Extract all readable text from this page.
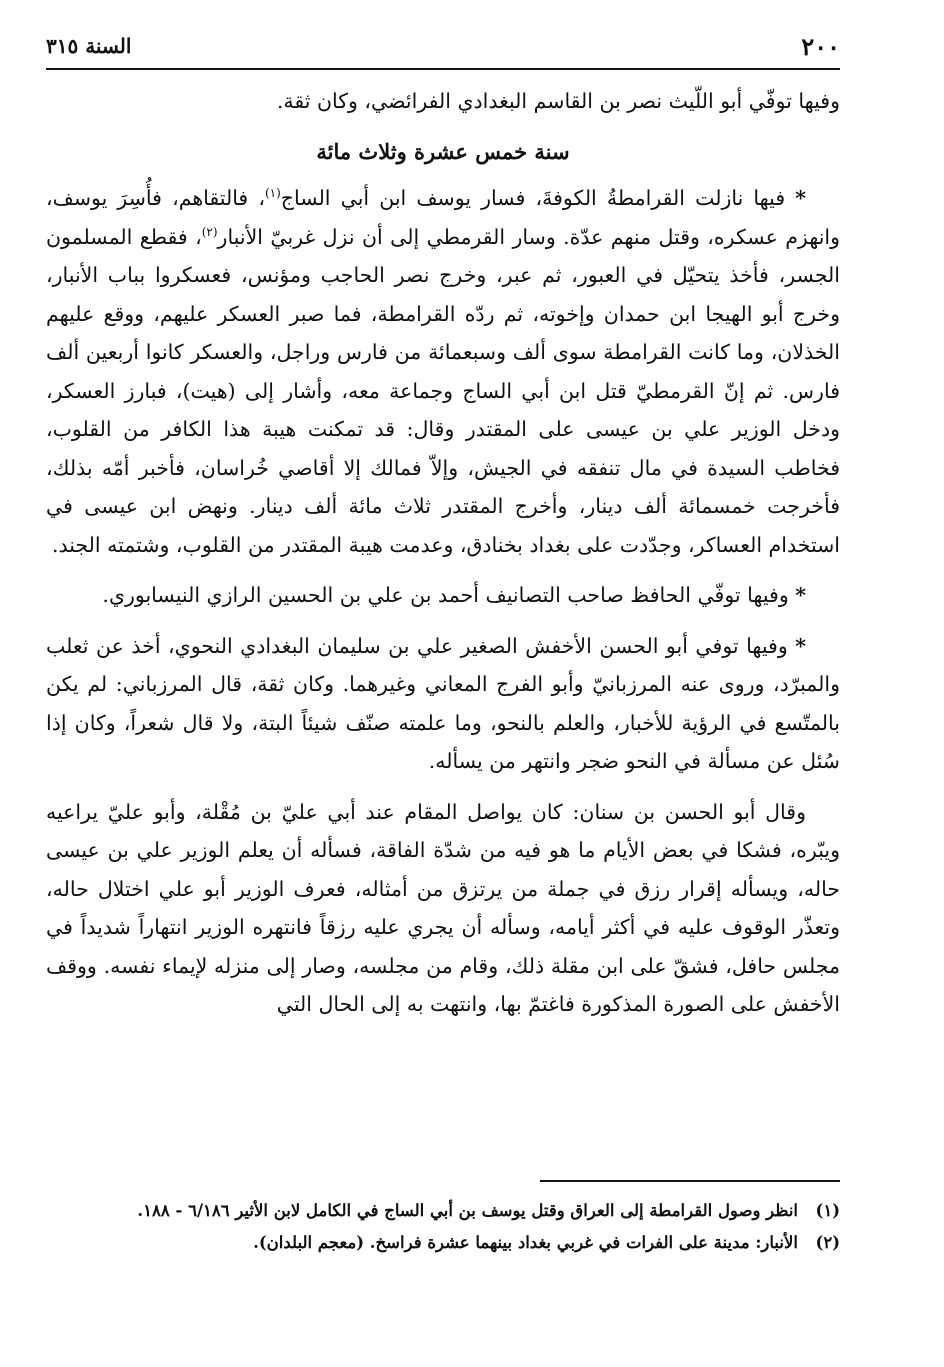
٢٠٠
السنة ٣١٥

وفيها توفّي أبو اللّيث نصر بن القاسم البغدادي الفرائضي، وكان ثقة.

سنة خمس عشرة وثلاث مائة

* فيها نازلت القرامطةُ الكوفةَ، فسار يوسف ابن أبي الساج$^{(١)}$، فالتقاهم، فأُسِرَ يوسف، وانهزم عسكره، وقتل منهم عدّة. وسار القرمطي إلى أن نزل غربيّ الأنبار$^{(٢)}$، فقطع المسلمون الجسر، فأخذ يتحيّل في العبور، ثم عبر، وخرج نصر الحاجب ومؤنس، فعسكروا بباب الأنبار، وخرج أبو الهيجا ابن حمدان وإخوته، ثم ردّه القرامطة، فما صبر العسكر عليهم، ووقع عليهم الخذلان، وما كانت القرامطة سوى ألف وسبعمائة من فارس وراجل، والعسكر كانوا أربعين ألف فارس. ثم إنّ القرمطيّ قتل ابن أبي الساج وجماعة معه، وأشار إلى (هيت)، فبارز العسكر، ودخل الوزير علي بن عيسى على المقتدر وقال: قد تمكنت هيبة هذا الكافر من القلوب، فخاطب السيدة في مال تنفقه في الجيش، وإلاّ فمالك إلا أقاصي خُراسان، فأخبر أمّه بذلك، فأخرجت خمسمائة ألف دينار، وأخرج المقتدر ثلاث مائة ألف دينار. ونهض ابن عيسى في استخدام العساكر، وجدّدت على بغداد بخنادق، وعدمت هيبة المقتدر من القلوب، وشتمته الجند.

* وفيها توفّي الحافظ صاحب التصانيف أحمد بن علي بن الحسين الرازي النيسابوري.

* وفيها توفي أبو الحسن الأخفش الصغير علي بن سليمان البغدادي النحوي، أخذ عن ثعلب والمبرّد، وروى عنه المرزبانيّ وأبو الفرج المعاني وغيرهما. وكان ثقة، قال المرزباني: لم يكن بالمتّسع في الرؤية للأخبار، والعلم بالنحو، وما علمته صنّف شيئاً البتة، ولا قال شعراً، وكان إذا سُئل عن مسألة في النحو ضجر وانتهر من يسأله.

وقال أبو الحسن بن سنان: كان يواصل المقام عند أبي عليّ بن مُقْلة، وأبو عليّ يراعيه ويبّره، فشكا في بعض الأيام ما هو فيه من شدّة الفاقة، فسأله أن يعلم الوزير علي بن عيسى حاله، ويسأله إقرار رزق في جملة من يرتزق من أمثاله، فعرف الوزير أبو علي اختلال حاله، وتعذّر الوقوف عليه في أكثر أيامه، وسأله أن يجري عليه رزقاً فانتهره الوزير انتهاراً شديداً في مجلس حافل، فشقّ على ابن مقلة ذلك، وقام من مجلسه، وصار إلى منزله لإيماء نفسه. ووقف الأخفش على الصورة المذكورة فاغتمّ بها، وانتهت به إلى الحال التي

(١)
انظر وصول القرامطة إلى العراق وقتل يوسف بن أبي الساج في الكامل لابن الأثير ٦/١٨٦ - ١٨٨.
(٢)
الأنبار: مدينة على الفرات في غربي بغداد بينهما عشرة فراسخ. (معجم البلدان).
